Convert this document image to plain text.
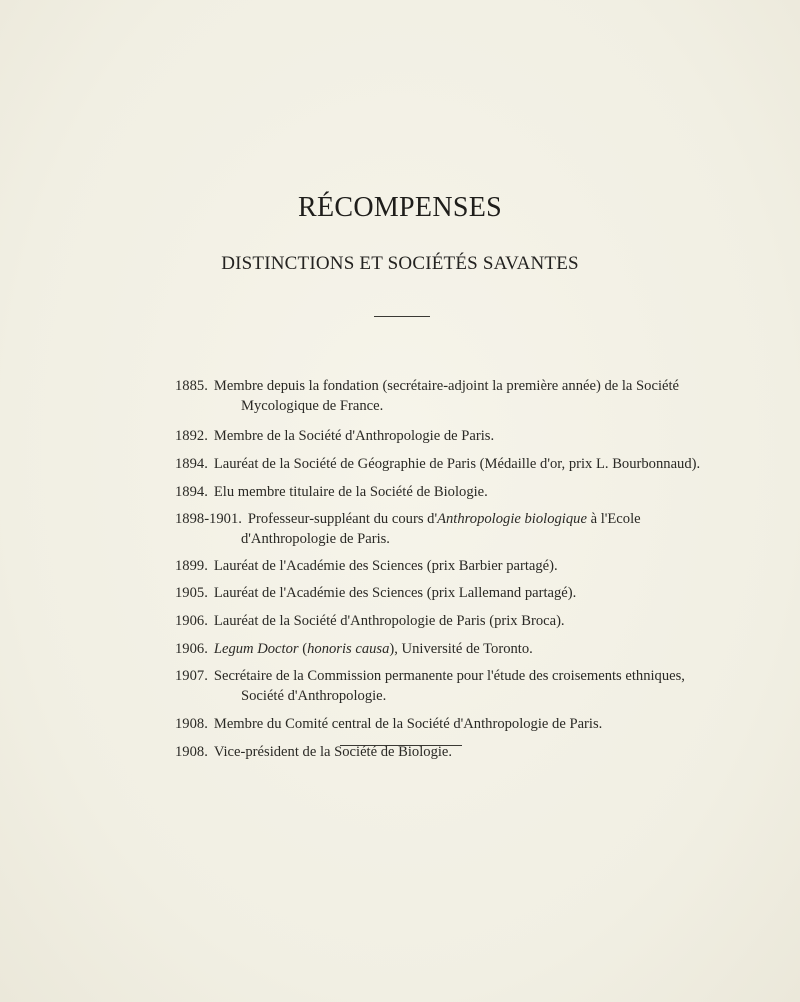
RÉCOMPENSES
DISTINCTIONS ET SOCIÉTÉS SAVANTES
1885. Membre depuis la fondation (secrétaire-adjoint la première année) de la Société Mycologique de France.
1892. Membre de la Société d'Anthropologie de Paris.
1894. Lauréat de la Société de Géographie de Paris (Médaille d'or, prix L. Bourbonnaud).
1894. Elu membre titulaire de la Société de Biologie.
1898-1901. Professeur-suppléant du cours d'Anthropologie biologique à l'Ecole d'Anthropologie de Paris.
1899. Lauréat de l'Académie des Sciences (prix Barbier partagé).
1905. Lauréat de l'Académie des Sciences (prix Lallemand partagé).
1906. Lauréat de la Société d'Anthropologie de Paris (prix Broca).
1906. Legum Doctor (honoris causa), Université de Toronto.
1907. Secrétaire de la Commission permanente pour l'étude des croisements ethniques, Société d'Anthropologie.
1908. Membre du Comité central de la Société d'Anthropologie de Paris.
1908. Vice-président de la Société de Biologie.
